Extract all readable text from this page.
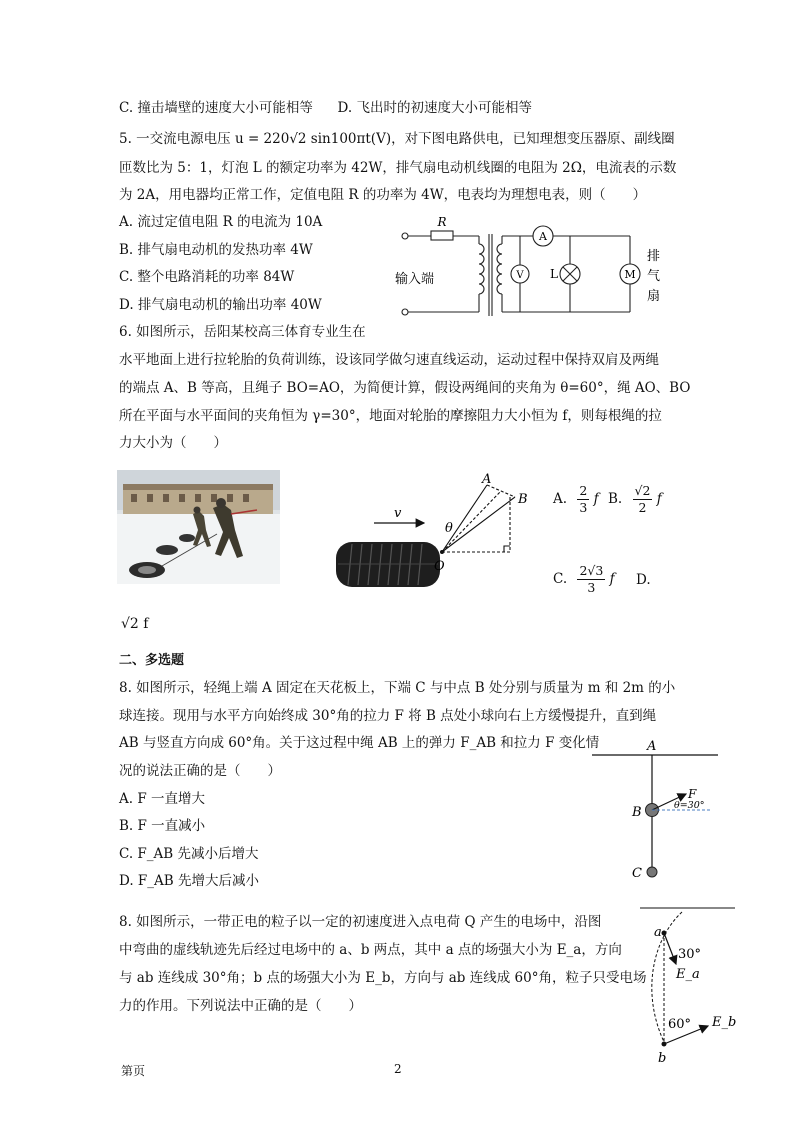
C. 撞击墙壁的速度大小可能相等 D. 飞出时的初速度大小可能相等
5. 一交流电源电压 u = 220√2 sin100πt(V)，对下图电路供电，已知理想变压器原、副线圈
匝数比为 5：1，灯泡 L 的额定功率为 42W，排气扇电动机线圈的电阻为 2Ω，电流表的示数
为 2A，用电器均正常工作，定值电阻 R 的功率为 4W，电表均为理想电表，则（　　）
A. 流过定值电阻 R 的电流为 10A
B. 排气扇电动机的发热功率 4W
C. 整个电路消耗的功率 84W
D. 排气扇电动机的输出功率 40W
R
A
V L	M
输入端
排
气
扇
6. 如图所示，岳阳某校高三体育专业生在
水平地面上进行拉轮胎的负荷训练，设该同学做匀速直线运动，运动过程中保持双肩及两绳
的端点 A、B 等高，且绳子 BO=AO，为简便计算，假设两绳间的夹角为 θ=60°，绳 AO、BO
所在平面与水平面间的夹角恒为 γ=30°，地面对轮胎的摩擦阻力大小恒为 f，则每根绳的拉
力大小为（　　）
v
A
B
O
θ
A. $\frac{2}{3}$ f B. $\frac{√2}{2}$ f
C. $\frac{2√3}{3}$ f D.
√2 f
二、多选题
8. 如图所示，轻绳上端 A 固定在天花板上，下端 C 与中点 B 处分别与质量为 m 和 2m 的小
球连接。现用与水平方向始终成 30°角的拉力 F 将 B 点处小球向右上方缓慢提升，直到绳
AB 与竖直方向成 60°角。关于这过程中绳 AB 上的弹力 F_AB 和拉力 F 变化情
况的说法正确的是（　　）
A. F 一直增大
B. F 一直减小
C. F_AB 先减小后增大
D. F_AB 先增大后减小
A
B
C
F
θ=30°
8. 如图所示，一带正电的粒子以一定的初速度进入点电荷 Q 产生的电场中，沿图
中弯曲的虚线轨迹先后经过电场中的 a、b 两点，其中 a 点的场强大小为 E_a，方向
与 ab 连线成 30°角；b 点的场强大小为 E_b，方向与 ab 连线成 60°角，粒子只受电场
力的作用。下列说法中正确的是（　　）
a
b
30°
E_a
60° E_b
第页	2
